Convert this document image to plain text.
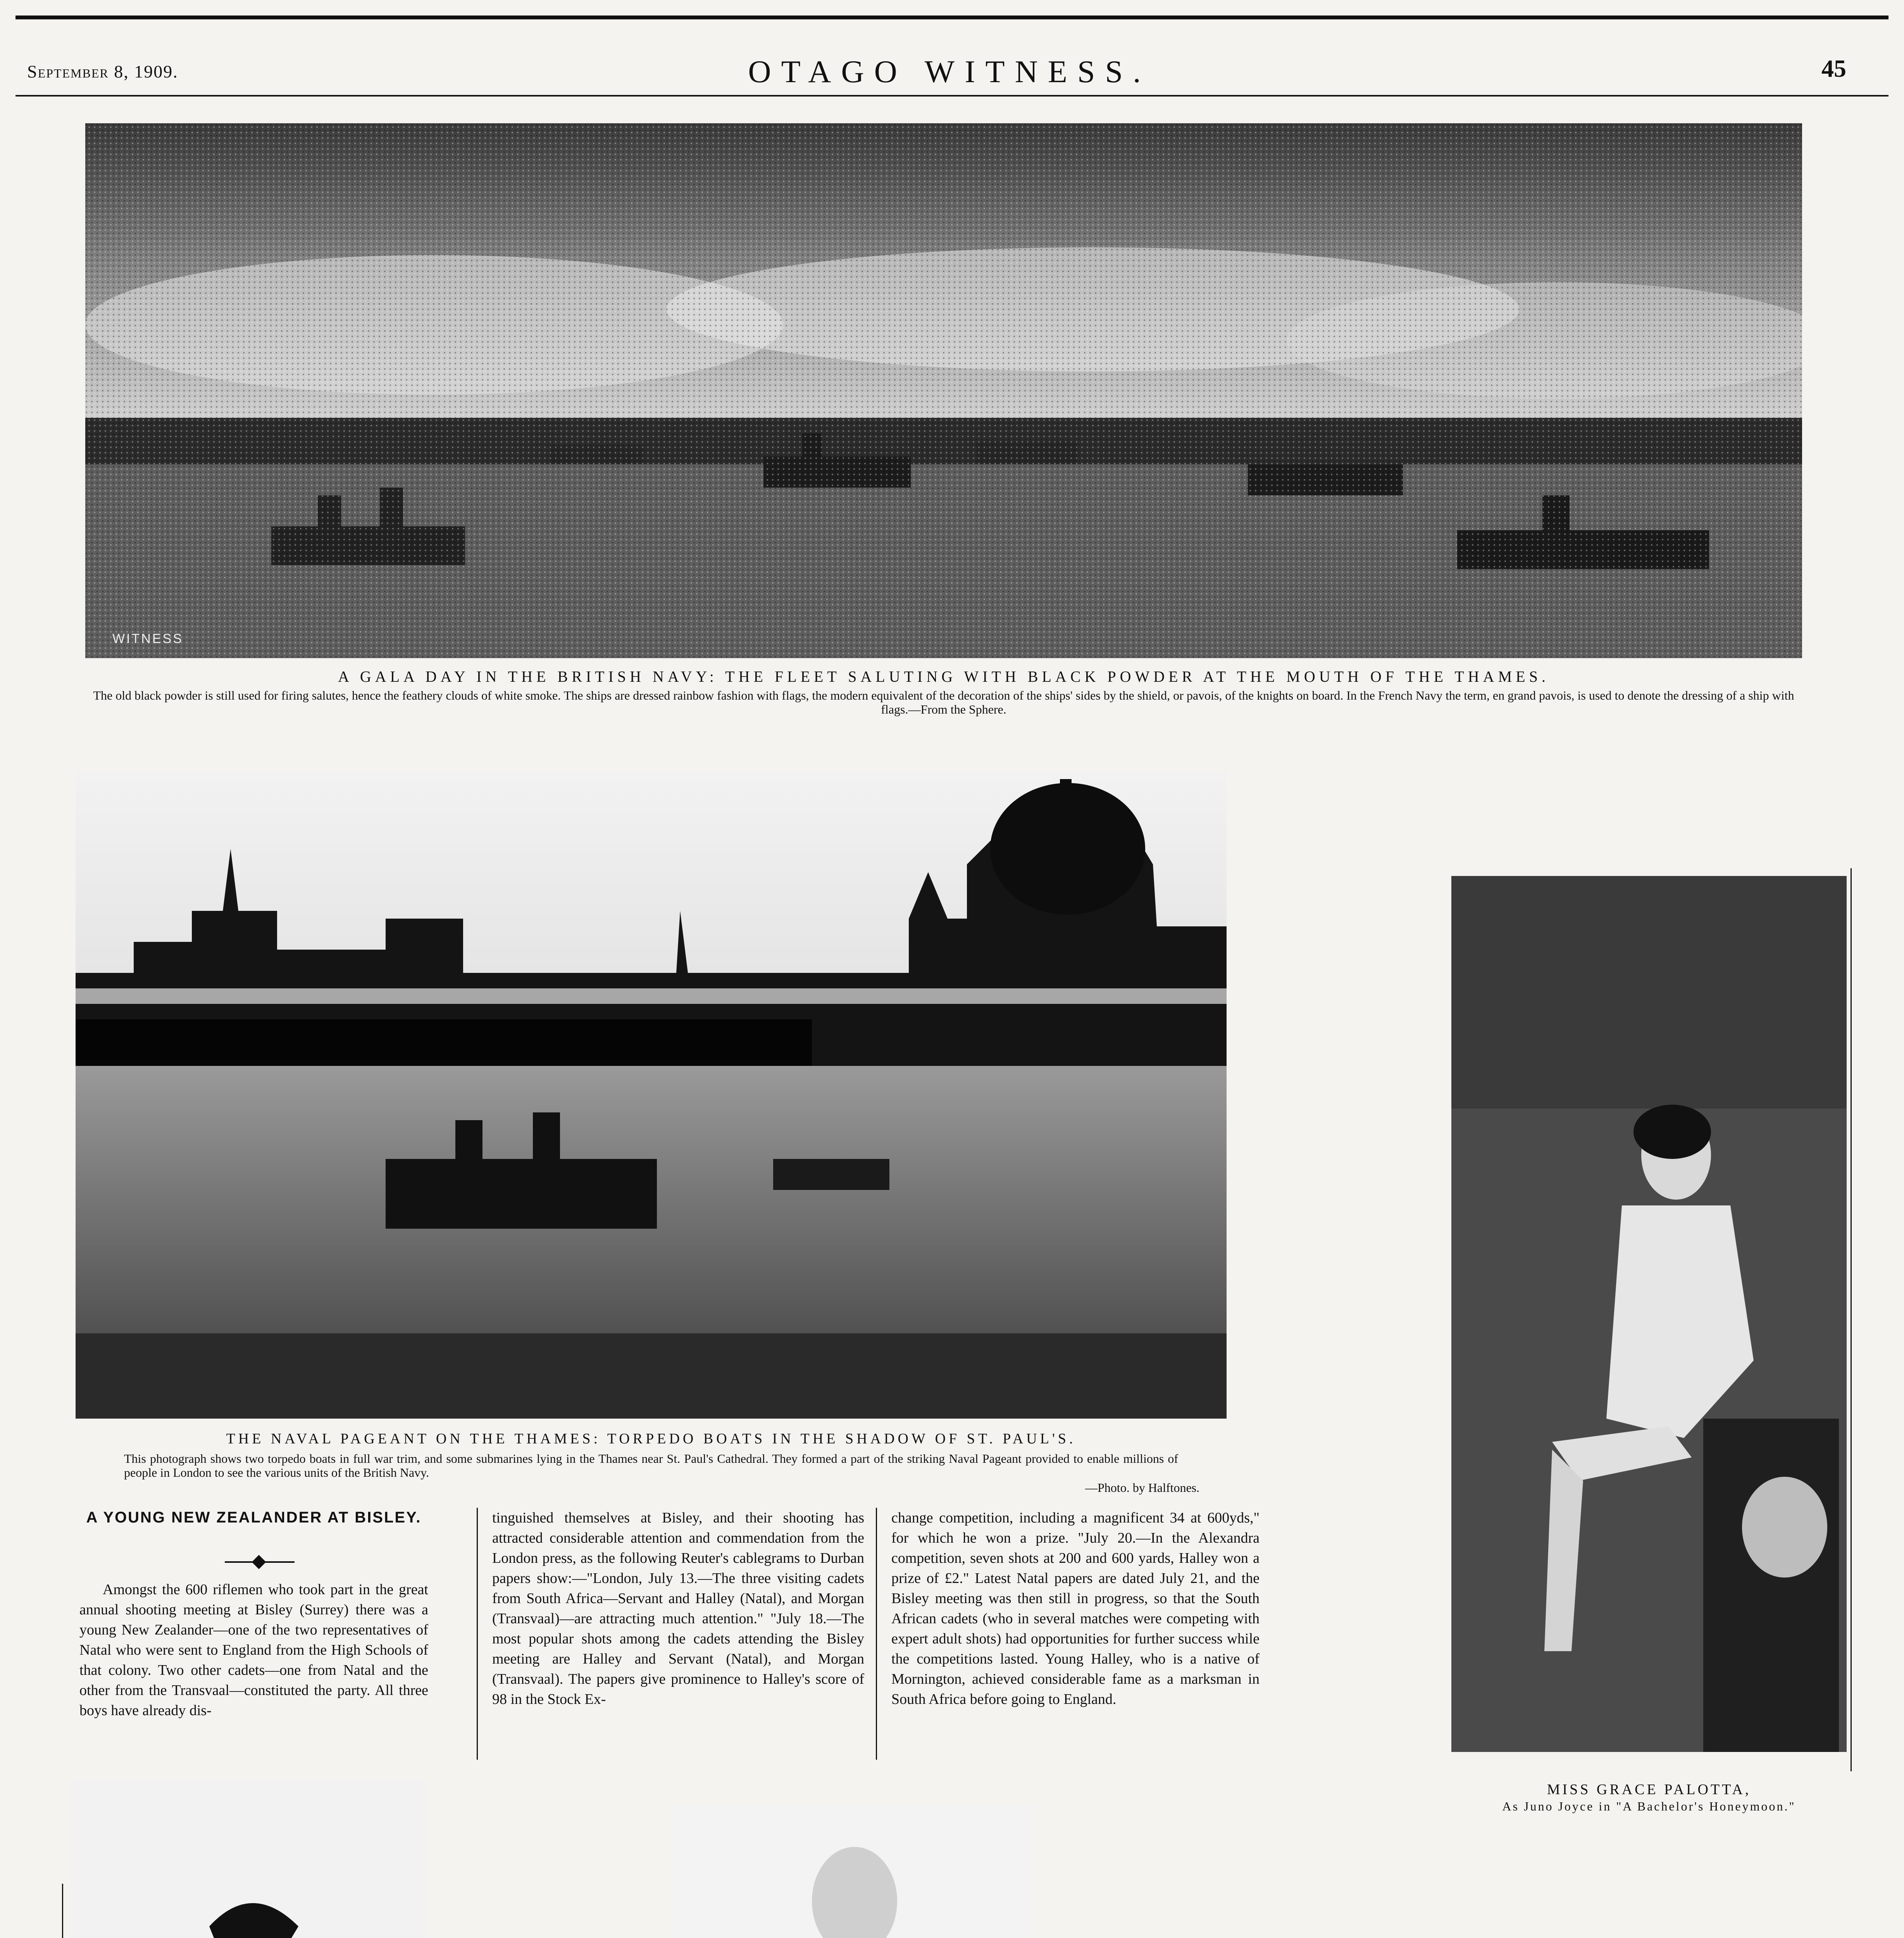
September 8, 1909.	OTAGO WITNESS.	45
WITNESS
A GALA DAY IN THE BRITISH NAVY: THE FLEET SALUTING WITH BLACK POWDER AT THE MOUTH OF THE THAMES.
The old black powder is still used for firing salutes, hence the feathery clouds of white smoke. The ships are dressed rainbow fashion with flags, the modern equivalent of the decoration of the ships' sides by the shield, or pavois, of the knights on board. In the French Navy the term, en grand pavois, is used to denote the dressing of a ship with flags.—From the Sphere.
THE NAVAL PAGEANT ON THE THAMES: TORPEDO BOATS IN THE SHADOW OF ST. PAUL'S.
This photograph shows two torpedo boats in full war trim, and some submarines lying in the Thames near St. Paul's Cathedral. They formed a part of the striking Naval Pageant provided to enable millions of people in London to see the various units of the British Navy.
—Photo. by Halftones.
MISS GRACE PALOTTA,
As Juno Joyce in "A Bachelor's Honeymoon."
A YOUNG NEW ZEALANDER AT BISLEY.

Amongst the 600 riflemen who took part in the great annual shooting meeting at Bisley (Surrey) there was a young New Zealander—one of the two representatives of Natal who were sent to England from the High Schools of that colony. Two other cadets—one from Natal and the other from the Transvaal—constituted the party. All three boys have already dis-

tinguished themselves at Bisley, and their shooting has attracted considerable attention and commendation from the London press, as the following Reuter's cablegrams to Durban papers show:—"London, July 13.—The three visiting cadets from South Africa—Servant and Halley (Natal), and Morgan (Transvaal)—are attracting much attention." "July 18.—The most popular shots among the cadets attending the Bisley meeting are Halley and Servant (Natal), and Morgan (Transvaal). The papers give prominence to Halley's score of 98 in the Stock Ex-

change competition, including a magnificent 34 at 600yds," for which he won a prize. "July 20.—In the Alexandra competition, seven shots at 200 and 600 yards, Halley won a prize of £2." Latest Natal papers are dated July 21, and the Bisley meeting was then still in progress, so that the South African cadets (who in several matches were competing with expert adult shots) had opportunities for further success while the competitions lasted. Young Halley, who is a native of Mornington, achieved considerable fame as a marksman in South Africa before going to England.
